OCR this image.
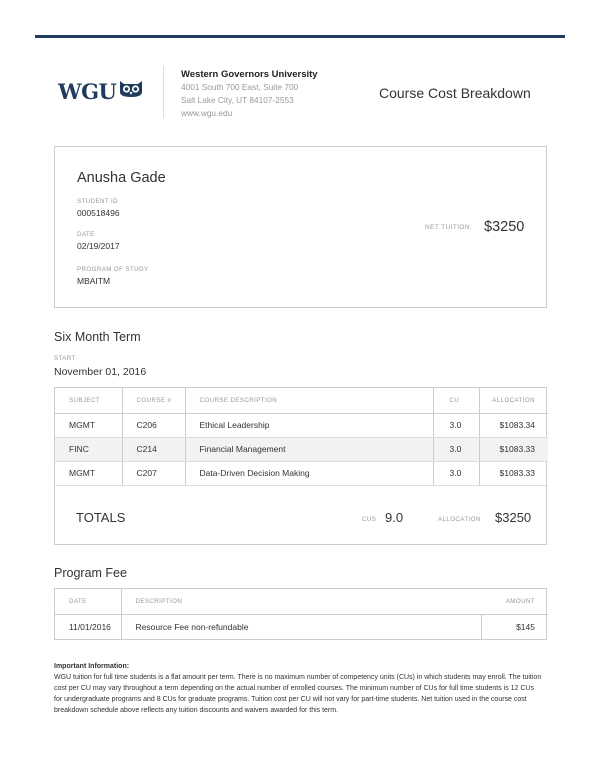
WGU
Western Governors University
4001 South 700 East, Suite 700
Salt Lake City, UT 84107-2553
www.wgu.edu
Course Cost Breakdown
Anusha Gade
STUDENT ID
000518496
DATE
02/19/2017
PROGRAM OF STUDY
MBAITM
NET TUITION: $3250
Six Month Term
START
November 01, 2016
SUBJECT	COURSE #	COURSE DESCRIPTION	CU	ALLOCATION
MGMT	C206	Ethical Leadership	3.0	$1083.34
FINC	C214	Financial Management	3.0	$1083.33
MGMT	C207	Data-Driven Decision Making	3.0	$1083.33
TOTALS	CUS 9.0	ALLOCATION $3250
Program Fee
DATE	DESCRIPTION	AMOUNT
11/01/2016	Resource Fee non-refundable	$145
Important Information:
WGU tuition for full time students is a flat amount per term. There is no maximum number of competency units (CUs) in which students may enroll. The tuition cost per CU may vary throughout a term depending on the actual number of enrolled courses. The minimum number of CUs for full time students is 12 CUs for undergraduate programs and 8 CUs for graduate programs. Tuition cost per CU will not vary for part-time students. Net tuition used in the course cost breakdown schedule above reflects any tuition discounts and waivers awarded for this term.
